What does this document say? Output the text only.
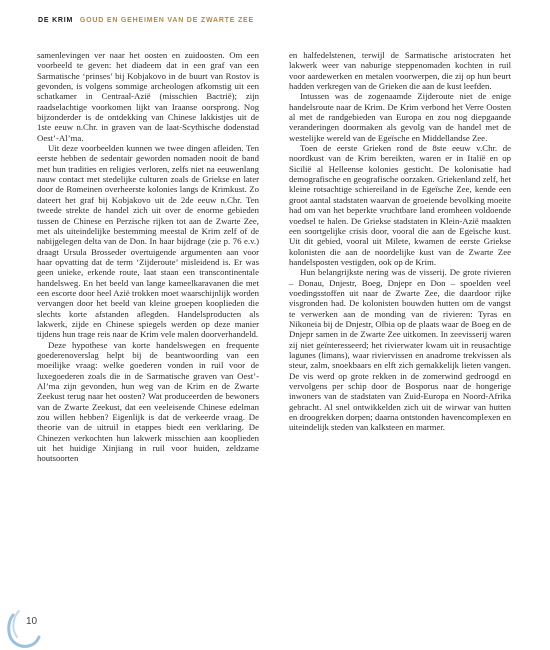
DE KRIM GOUD EN GEHEIMEN VAN DE ZWARTE ZEE

samenlevingen ver naar het oosten en zuidoosten. Om een voorbeeld te geven: het diadeem dat in een graf van een Sarmatische ‘prinses’ bij Kobjakovo in de buurt van Rostov is gevonden, is volgens sommige archeologen afkomstig uit een schatkamer in Centraal-Azië (misschien Bactrië); zijn raadselachtige voorkomen lijkt van Iraanse oorsprong. Nog bijzonderder is de ontdekking van Chinese lakkistjes uit de 1ste eeuw n.Chr. in graven van de laat-Scythische dodenstad Oest’-Al’ma.

Uit deze voorbeelden kunnen we twee dingen afleiden. Ten eerste hebben de sedentair geworden nomaden nooit de band met hun tradities en religies verloren, zelfs niet na eeuwenlang nauw contact met stedelijke culturen zoals de Griekse en later door de Romeinen overheerste kolonies langs de Krimkust. Zo dateert het graf bij Kobjakovo uit de 2de eeuw n.Chr. Ten tweede strekte de handel zich uit over de enorme gebieden tussen de Chinese en Perzische rijken tot aan de Zwarte Zee, met als uiteindelijke bestemming meestal de Krim zelf of de nabijgelegen delta van de Don. In haar bijdrage (zie p. 76 e.v.) draagt Ursula Brosseder overtuigende argumenten aan voor haar opvatting dat de term ‘Zijderoute’ misleidend is. Er was geen unieke, erkende route, laat staan een transcontinentale handelsweg. En het beeld van lange kameelkaravanen die met een escorte door heel Azië trokken moet waarschijnlijk worden vervangen door het beeld van kleine groepen kooplieden die slechts korte afstanden aflegden. Handelsproducten als lakwerk, zijde en Chinese spiegels werden op deze manier tijdens hun trage reis naar de Krim vele malen doorverhandeld.

Deze hypothese van korte handelswegen en frequente goederenoverslag helpt bij de beantwoording van een moeilijke vraag: welke goederen vonden in ruil voor de luxegoederen zoals die in de Sarmatische graven van Oest’-Al’ma zijn gevonden, hun weg van de Krim en de Zwarte Zeekust terug naar het oosten? Wat produceerden de bewoners van de Zwarte Zeekust, dat een veeleisende Chinese edelman zou willen hebben? Eigenlijk is dat de verkeerde vraag. De theorie van de uitruil in etappes biedt een verklaring. De Chinezen verkochten hun lakwerk misschien aan kooplieden uit het huidige Xinjiang in ruil voor huiden, zeldzame houtsoorten

en halfedelstenen, terwijl de Sarmatische aristocraten het lakwerk weer van naburige steppenomaden kochten in ruil voor aardewerken en metalen voorwerpen, die zij op hun beurt hadden verkregen van de Grieken die aan de kust leefden.

Intussen was de zogenaamde Zijderoute niet de enige handelsroute naar de Krim. De Krim verbond het Verre Oosten al met de randgebieden van Europa en zou nog diepgaande veranderingen doormaken als gevolg van de handel met de westelijke wereld van de Egeïsche en Middellandse Zee.

Toen de eerste Grieken rond de 8ste eeuw v.Chr. de noordkust van de Krim bereikten, waren er in Italië en op Sicilië al Helleense kolonies gesticht. De kolonisatie had demografische en geografische oorzaken. Griekenland zelf, het kleine rotsachtige schiereiland in de Egeïsche Zee, kende een groot aantal stadstaten waarvan de groeiende bevolking moeite had om van het beperkte vruchtbare land eromheen voldoende voedsel te halen. De Griekse stadstaten in Klein-Azië maakten een soortgelijke crisis door, vooral die aan de Egeïsche kust. Uit dit gebied, vooral uit Milete, kwamen de eerste Griekse kolonisten die aan de noordelijke kust van de Zwarte Zee handelsposten vestigden, ook op de Krim.

Hun belangrijkste nering was de visserij. De grote rivieren – Donau, Dnjestr, Boeg, Dnjepr en Don – spoelden veel voedingsstoffen uit naar de Zwarte Zee, die daardoor rijke visgronden had. De kolonisten bouwden hutten om de vangst te verwerken aan de monding van de rivieren: Tyras en Nikoneia bij de Dnjestr, Olbia op de plaats waar de Boeg en de Dnjepr samen in de Zwarte Zee uitkomen. In zeevisserij waren zij niet geïnteresseerd; het rivierwater kwam uit in reusachtige lagunes (limans), waar riviervissen en anadrome trekvissen als steur, zalm, snoekbaars en elft zich gemakkelijk lieten vangen. De vis werd op grote rekken in de zomerwind gedroogd en vervolgens per schip door de Bosporus naar de hongerige inwoners van de stadstaten van Zuid-Europa en Noord-Afrika gebracht. Al snel ontwikkelden zich uit de wirwar van hutten en droogrekken dorpen; daarna ontstonden havencomplexen en uiteindelijk steden van kalksteen en marmer.

10
